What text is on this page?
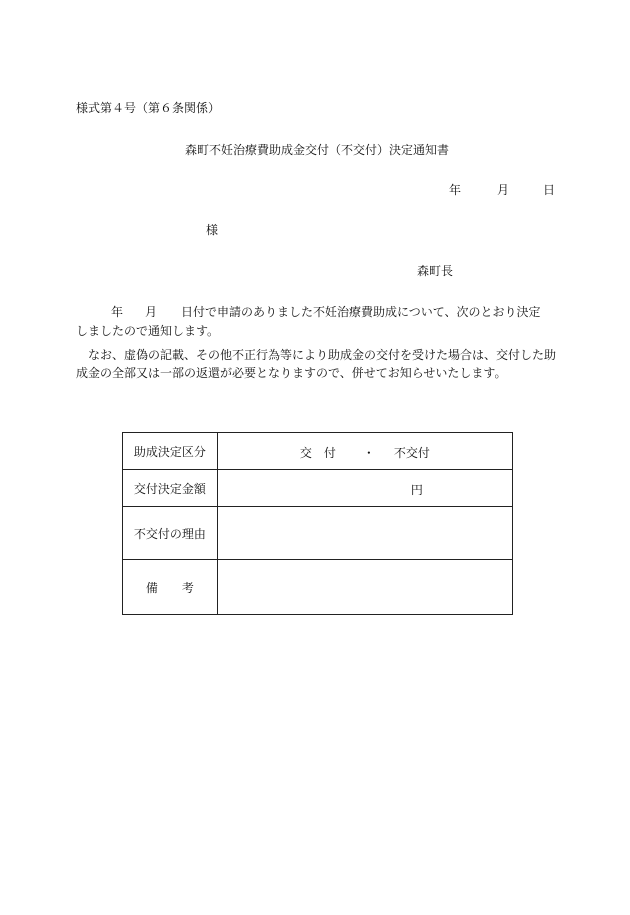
様式第４号（第６条関係）
森町不妊治療費助成金交付（不交付）決定通知書
年	月	日
様
森町長
年 月 日付で申請のありました不妊治療費助成について、次のとおり決定
しましたので通知します。
　なお、虚偽の記載、その他不正行為等により助成金の交付を受けた場合は、交付した助
成金の全部又は一部の返還が必要となりますので、併せてお知らせいたします。
助成決定区分	交　付 ・ 不交付

交付決定金額	円

不交付の理由	
備　　考	
